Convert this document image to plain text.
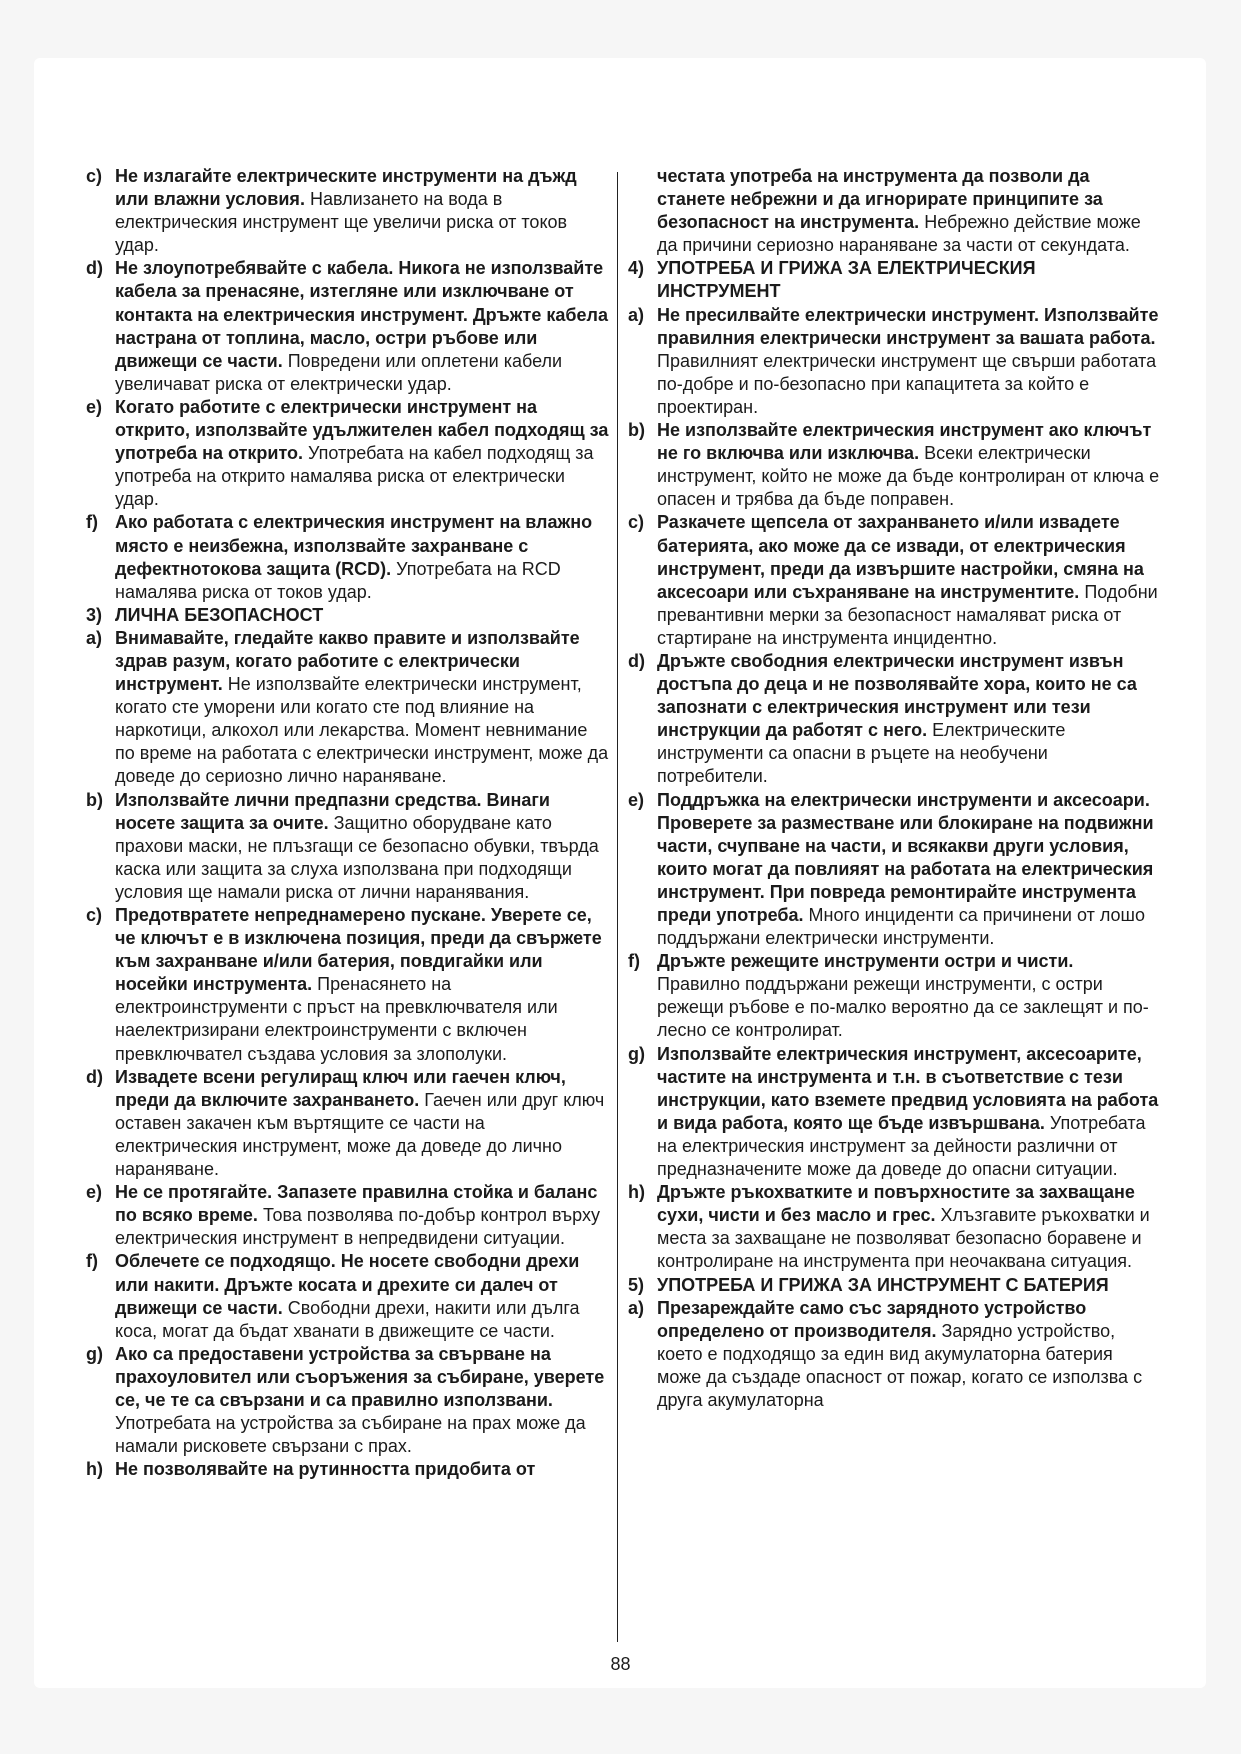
c) Не излагайте електрическите инструменти на дъжд или влажни условия. Навлизането на вода в електрическия инструмент ще увеличи риска от токов удар.
d) Не злоупотребявайте с кабела. Никога не използвайте кабела за пренасяне, изтегляне или изключване от контакта на електрическия инструмент. Дръжте кабела настрана от топлина, масло, остри ръбове или движещи се части. Повредени или оплетени кабели увеличават риска от електрически удар.
e) Когато работите с електрически инструмент на открито, използвайте удължителен кабел подходящ за употреба на открито. Употребата на кабел подходящ за употреба на открито намалява риска от електрически удар.
f) Ако работата с електрическия инструмент на влажно място е неизбежна, използвайте захранване с дефектнотокова защита (RCD). Употребата на RCD намалява риска от токов удар.
3) ЛИЧНА БЕЗОПАСНОСТ
a) Внимавайте, гледайте какво правите и използвайте здрав разум, когато работите с електрически инструмент. Не използвайте електрически инструмент, когато сте уморени или когато сте под влияние на наркотици, алкохол или лекарства. Момент невнимание по време на работата с електрически инструмент, може да доведе до сериозно лично нараняване.
b) Използвайте лични предпазни средства. Винаги носете защита за очите. Защитно оборудване като прахови маски, не плъзгащи се безопасно обувки, твърда каска или защита за слуха използвана при подходящи условия ще намали риска от лични наранявания.
c) Предотвратете непреднамерено пускане. Уверете се, че ключът е в изключена позиция, преди да свържете към захранване и/или батерия, повдигайки или носейки инструмента. Пренасянето на електроинструменти с пръст на превключвателя или наелектризирани електроинструменти с включен превключвател създава условия за злополуки.
d) Извадете всени регулиращ ключ или гаечен ключ, преди да включите захранването. Гаечен или друг ключ оставен закачен към въртящите се части на електрическия инструмент, може да доведе до лично нараняване.
e) Не се протягайте. Запазете правилна стойка и баланс по всяко време. Това позволява по-добър контрол върху електрическия инструмент в непредвидени ситуации.
f) Облечете се подходящо. Не носете свободни дрехи или накити. Дръжте косата и дрехите си далеч от движещи се части. Свободни дрехи, накити или дълга коса, могат да бъдат хванати в движещите се части.
g) Ако са предоставени устройства за свърване на прахоуловител или съоръжения за събиране, уверете се, че те са свързани и са правилно използвани. Употребата на устройства за събиране на прах може да намали рисковете свързани с прах.
h) Не позволявайте на рутинността придобита от
честата употреба на инструмента да позволи да станете небрежни и да игнорирате принципите за безопасност на инструмента. Небрежно действие може да причини сериозно нараняване за части от секундата.
4) УПОТРЕБА И ГРИЖА ЗА ЕЛЕКТРИЧЕСКИЯ ИНСТРУМЕНТ
a) Не пресилвайте електрически инструмент. Използвайте правилния електрически инструмент за вашата работа. Правилният електрически инструмент ще свърши работата по-добре и по-безопасно при капацитета за който е проектиран.
b) Не използвайте електрическия инструмент ако ключът не го включва или изключва. Всеки електрически инструмент, който не може да бъде контролиран от ключа е опасен и трябва да бъде поправен.
c) Разкачете щепсела от захранването и/или извадете батерията, ако може да се извади, от електрическия инструмент, преди да извършите настройки, смяна на аксесоари или съхраняване на инструментите. Подобни превантивни мерки за безопасност намаляват риска от стартиране на инструмента инцидентно.
d) Дръжте свободния електрически инструмент извън достъпа до деца и не позволявайте хора, които не са запознати с електрическия инструмент или тези инструкции да работят с него. Електрическите инструменти са опасни в ръцете на необучени потребители.
e) Поддръжка на електрически инструменти и аксесоари. Проверете за разместване или блокиране на подвижни части, счупване на части, и всякакви други условия, които могат да повлияят на работата на електрическия инструмент. При повреда ремонтирайте инструмента преди употреба. Много инциденти са причинени от лошо поддържани електрически инструменти.
f) Дръжте режещите инструменти остри и чисти. Правилно поддържани режещи инструменти, с остри режещи ръбове е по-малко вероятно да се заклещят и по-лесно се контролират.
g) Използвайте електрическия инструмент, аксесоарите, частите на инструмента и т.н. в съответствие с тези инструкции, като вземете предвид условията на работа и вида работа, която ще бъде извършвана. Употребата на електрическия инструмент за дейности различни от предназначените може да доведе до опасни ситуации.
h) Дръжте ръкохватките и повърхностите за захващане сухи, чисти и без масло и грес. Хлъзгавите ръкохватки и места за захващане не позволяват безопасно боравене и контролиране на инструмента при неочаквана ситуация.
5) УПОТРЕБА И ГРИЖА ЗА ИНСТРУМЕНТ С БАТЕРИЯ
a) Презареждайте само със зарядното устройство определено от производителя. Зарядно устройство, което е подходящо за един вид акумулаторна батерия може да създаде опасност от пожар, когато се използва с друга акумулаторна
88
